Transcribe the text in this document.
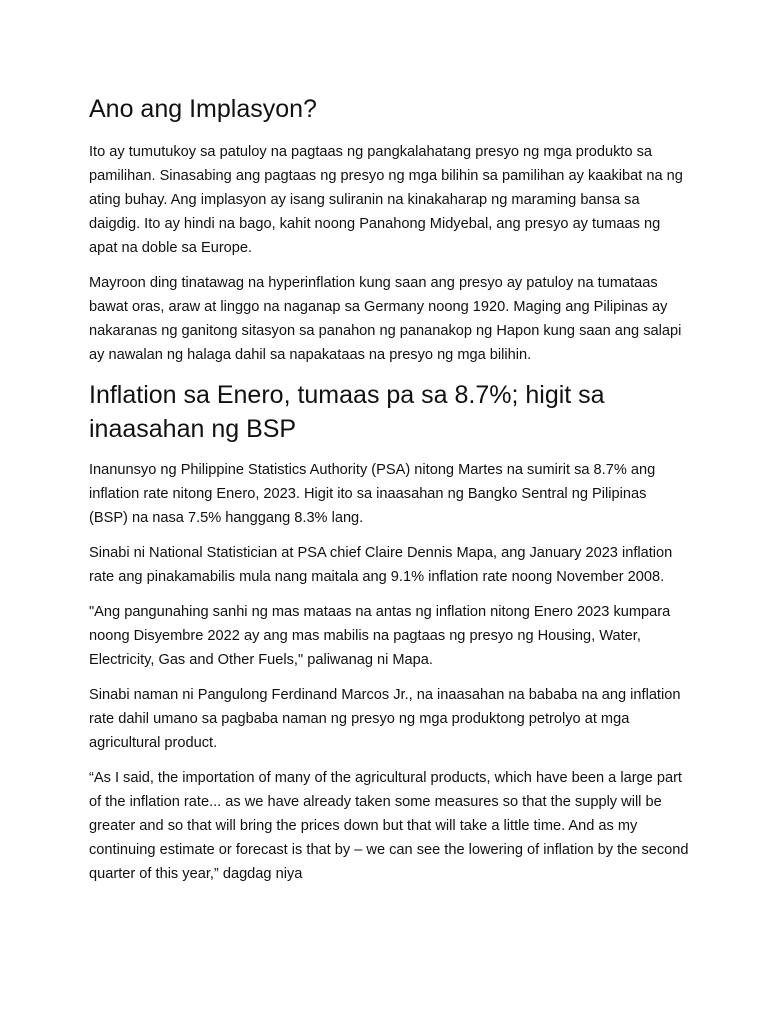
Ano ang Implasyon?

Ito ay tumutukoy sa patuloy na pagtaas ng pangkalahatang presyo ng mga produkto sa pamilihan. Sinasabing ang pagtaas ng presyo ng mga bilihin sa pamilihan ay kaakibat na ng ating buhay. Ang implasyon ay isang suliranin na kinakaharap ng maraming bansa sa daigdig. Ito ay hindi na bago, kahit noong Panahong Midyebal, ang presyo ay tumaas ng apat na doble sa Europe.

Mayroon ding tinatawag na hyperinflation kung saan ang presyo ay patuloy na tumataas bawat oras, araw at linggo na naganap sa Germany noong 1920. Maging ang Pilipinas ay nakaranas ng ganitong sitasyon sa panahon ng pananakop ng Hapon kung saan ang salapi ay nawalan ng halaga dahil sa napakataas na presyo ng mga bilihin.

Inflation sa Enero, tumaas pa sa 8.7%; higit sa inaasahan ng BSP

Inanunsyo ng Philippine Statistics Authority (PSA) nitong Martes na sumirit sa 8.7% ang inflation rate nitong Enero, 2023. Higit ito sa inaasahan ng Bangko Sentral ng Pilipinas (BSP) na nasa 7.5% hanggang 8.3% lang.

Sinabi ni National Statistician at PSA chief Claire Dennis Mapa, ang January 2023 inflation rate ang pinakamabilis mula nang maitala ang 9.1% inflation rate noong November 2008.

"Ang pangunahing sanhi ng mas mataas na antas ng inflation nitong Enero 2023 kumpara noong Disyembre 2022 ay ang mas mabilis na pagtaas ng presyo ng Housing, Water, Electricity, Gas and Other Fuels," paliwanag ni Mapa.

Sinabi naman ni Pangulong Ferdinand Marcos Jr., na inaasahan na bababa na ang inflation rate dahil umano sa pagbaba naman ng presyo ng mga produktong petrolyo at mga agricultural product.

“As I said, the importation of many of the agricultural products, which have been a large part of the inflation rate... as we have already taken some measures so that the supply will be greater and so that will bring the prices down but that will take a little time. And as my continuing estimate or forecast is that by – we can see the lowering of inflation by the second quarter of this year,” dagdag niya
